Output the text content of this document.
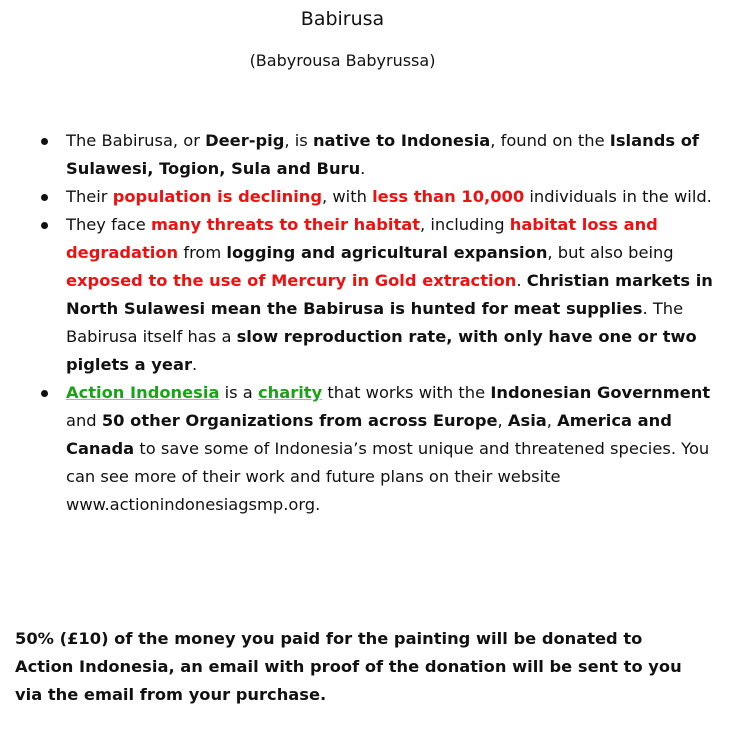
Babirusa
(Babyrousa Babyrussa)
The Babirusa, or Deer-pig, is native to Indonesia, found on the Islands of Sulawesi, Togion, Sula and Buru.
Their population is declining, with less than 10,000 individuals in the wild.
They face many threats to their habitat, including habitat loss and degradation from logging and agricultural expansion, but also being exposed to the use of Mercury in Gold extraction. Christian markets in North Sulawesi mean the Babirusa is hunted for meat supplies. The Babirusa itself has a slow reproduction rate, with only have one or two piglets a year.
Action Indonesia is a charity that works with the Indonesian Government and 50 other Organizations from across Europe, Asia, America and Canada to save some of Indonesia’s most unique and threatened species. You can see more of their work and future plans on their website www.actionindonesiagsmp.org.
50% (£10) of the money you paid for the painting will be donated to Action Indonesia, an email with proof of the donation will be sent to you via the email from your purchase.
